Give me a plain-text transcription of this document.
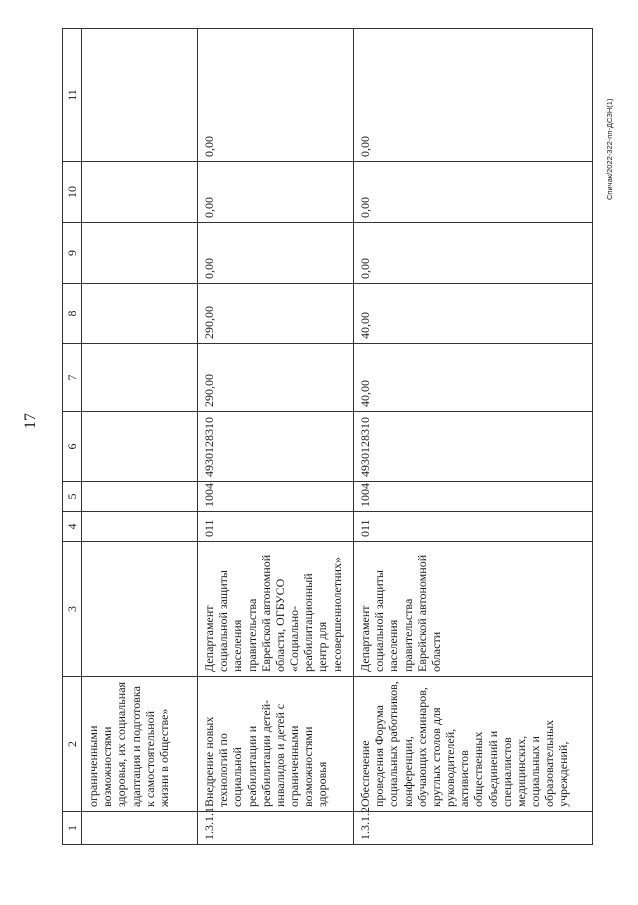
17
Спичак/2022-322-пп-ДСЗН(1)
1	2	3	4	5	6	7	8	9	10	11
	ограниченными возможностями здоровья, их социальная адаптация и подготовка к самостоятельной жизни в обществе»									
1.3.1.1	Внедрение новых технологий по социальной реабилитации и реабилитации детей-инвалидов и детей с ограниченными возможностями здоровья	Департамент социальной защиты населения правительства Еврейской автономной области, ОГБУСО «Социально-реабилитационный центр для несовершеннолетних»	011	1004	4930128310	290,00	290,00	0,00	0,00	0,00
1.3.1.2	Обеспечение проведения Форума социальных работников, конференции, обучающих семинаров, круглых столов для руководителей, активистов общественных объединений и специалистов медицинских, социальных и образовательных учреждений,	Департамент социальной защиты населения правительства Еврейской автономной области	011	1004	4930128310	40,00	40,00	0,00	0,00	0,00
